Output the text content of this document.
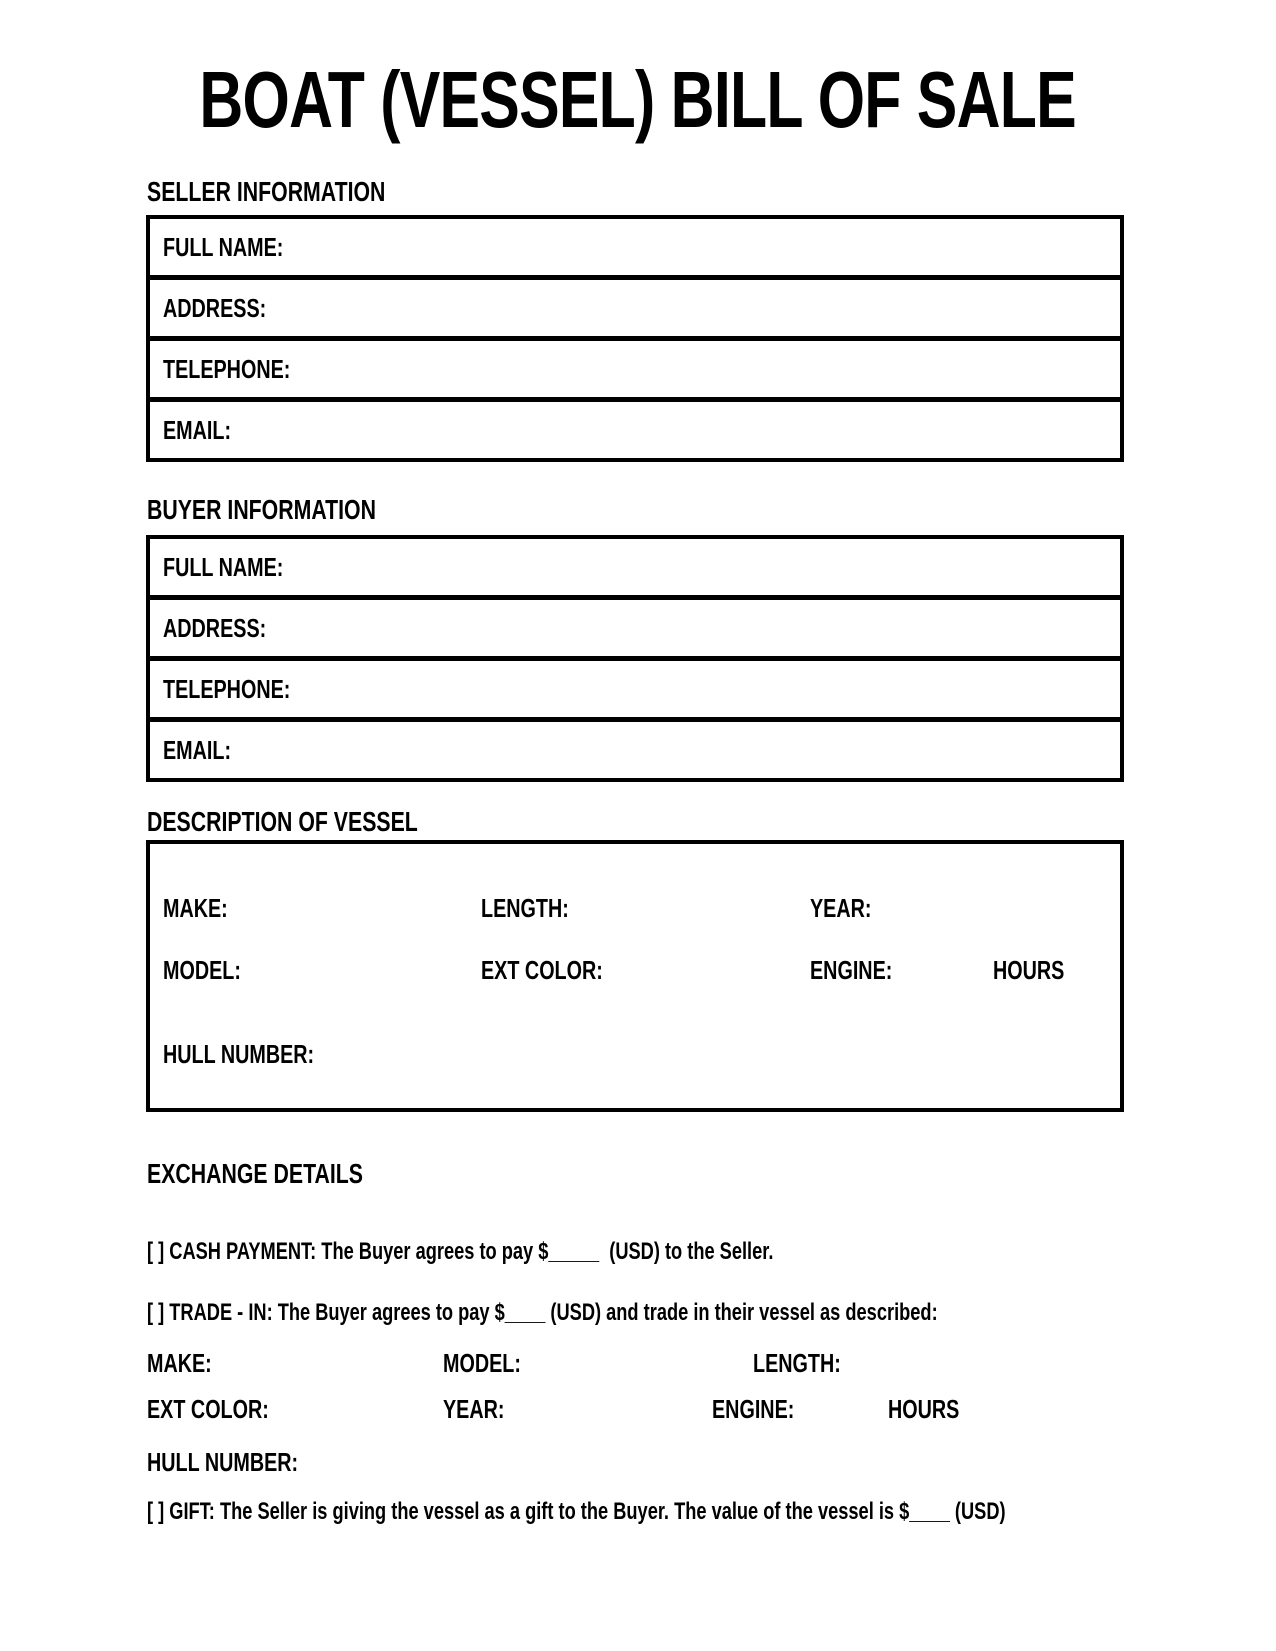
BOAT (VESSEL) BILL OF SALE
SELLER INFORMATION
FULL NAME:
ADDRESS:
TELEPHONE:
EMAIL:
BUYER INFORMATION
FULL NAME:
ADDRESS:
TELEPHONE:
EMAIL:
DESCRIPTION OF VESSEL
MAKE:	LENGTH:	YEAR:
MODEL:	EXT COLOR:	ENGINE:	HOURS
HULL NUMBER:
EXCHANGE DETAILS
[ ] CASH PAYMENT: The Buyer agrees to pay $_____  (USD) to the Seller.
[ ] TRADE - IN: The Buyer agrees to pay $____ (USD) and trade in their vessel as described:
MAKE:	MODEL:	LENGTH:
EXT COLOR:	YEAR:	ENGINE:	HOURS
HULL NUMBER:
[ ] GIFT: The Seller is giving the vessel as a gift to the Buyer. The value of the vessel is $____ (USD)
